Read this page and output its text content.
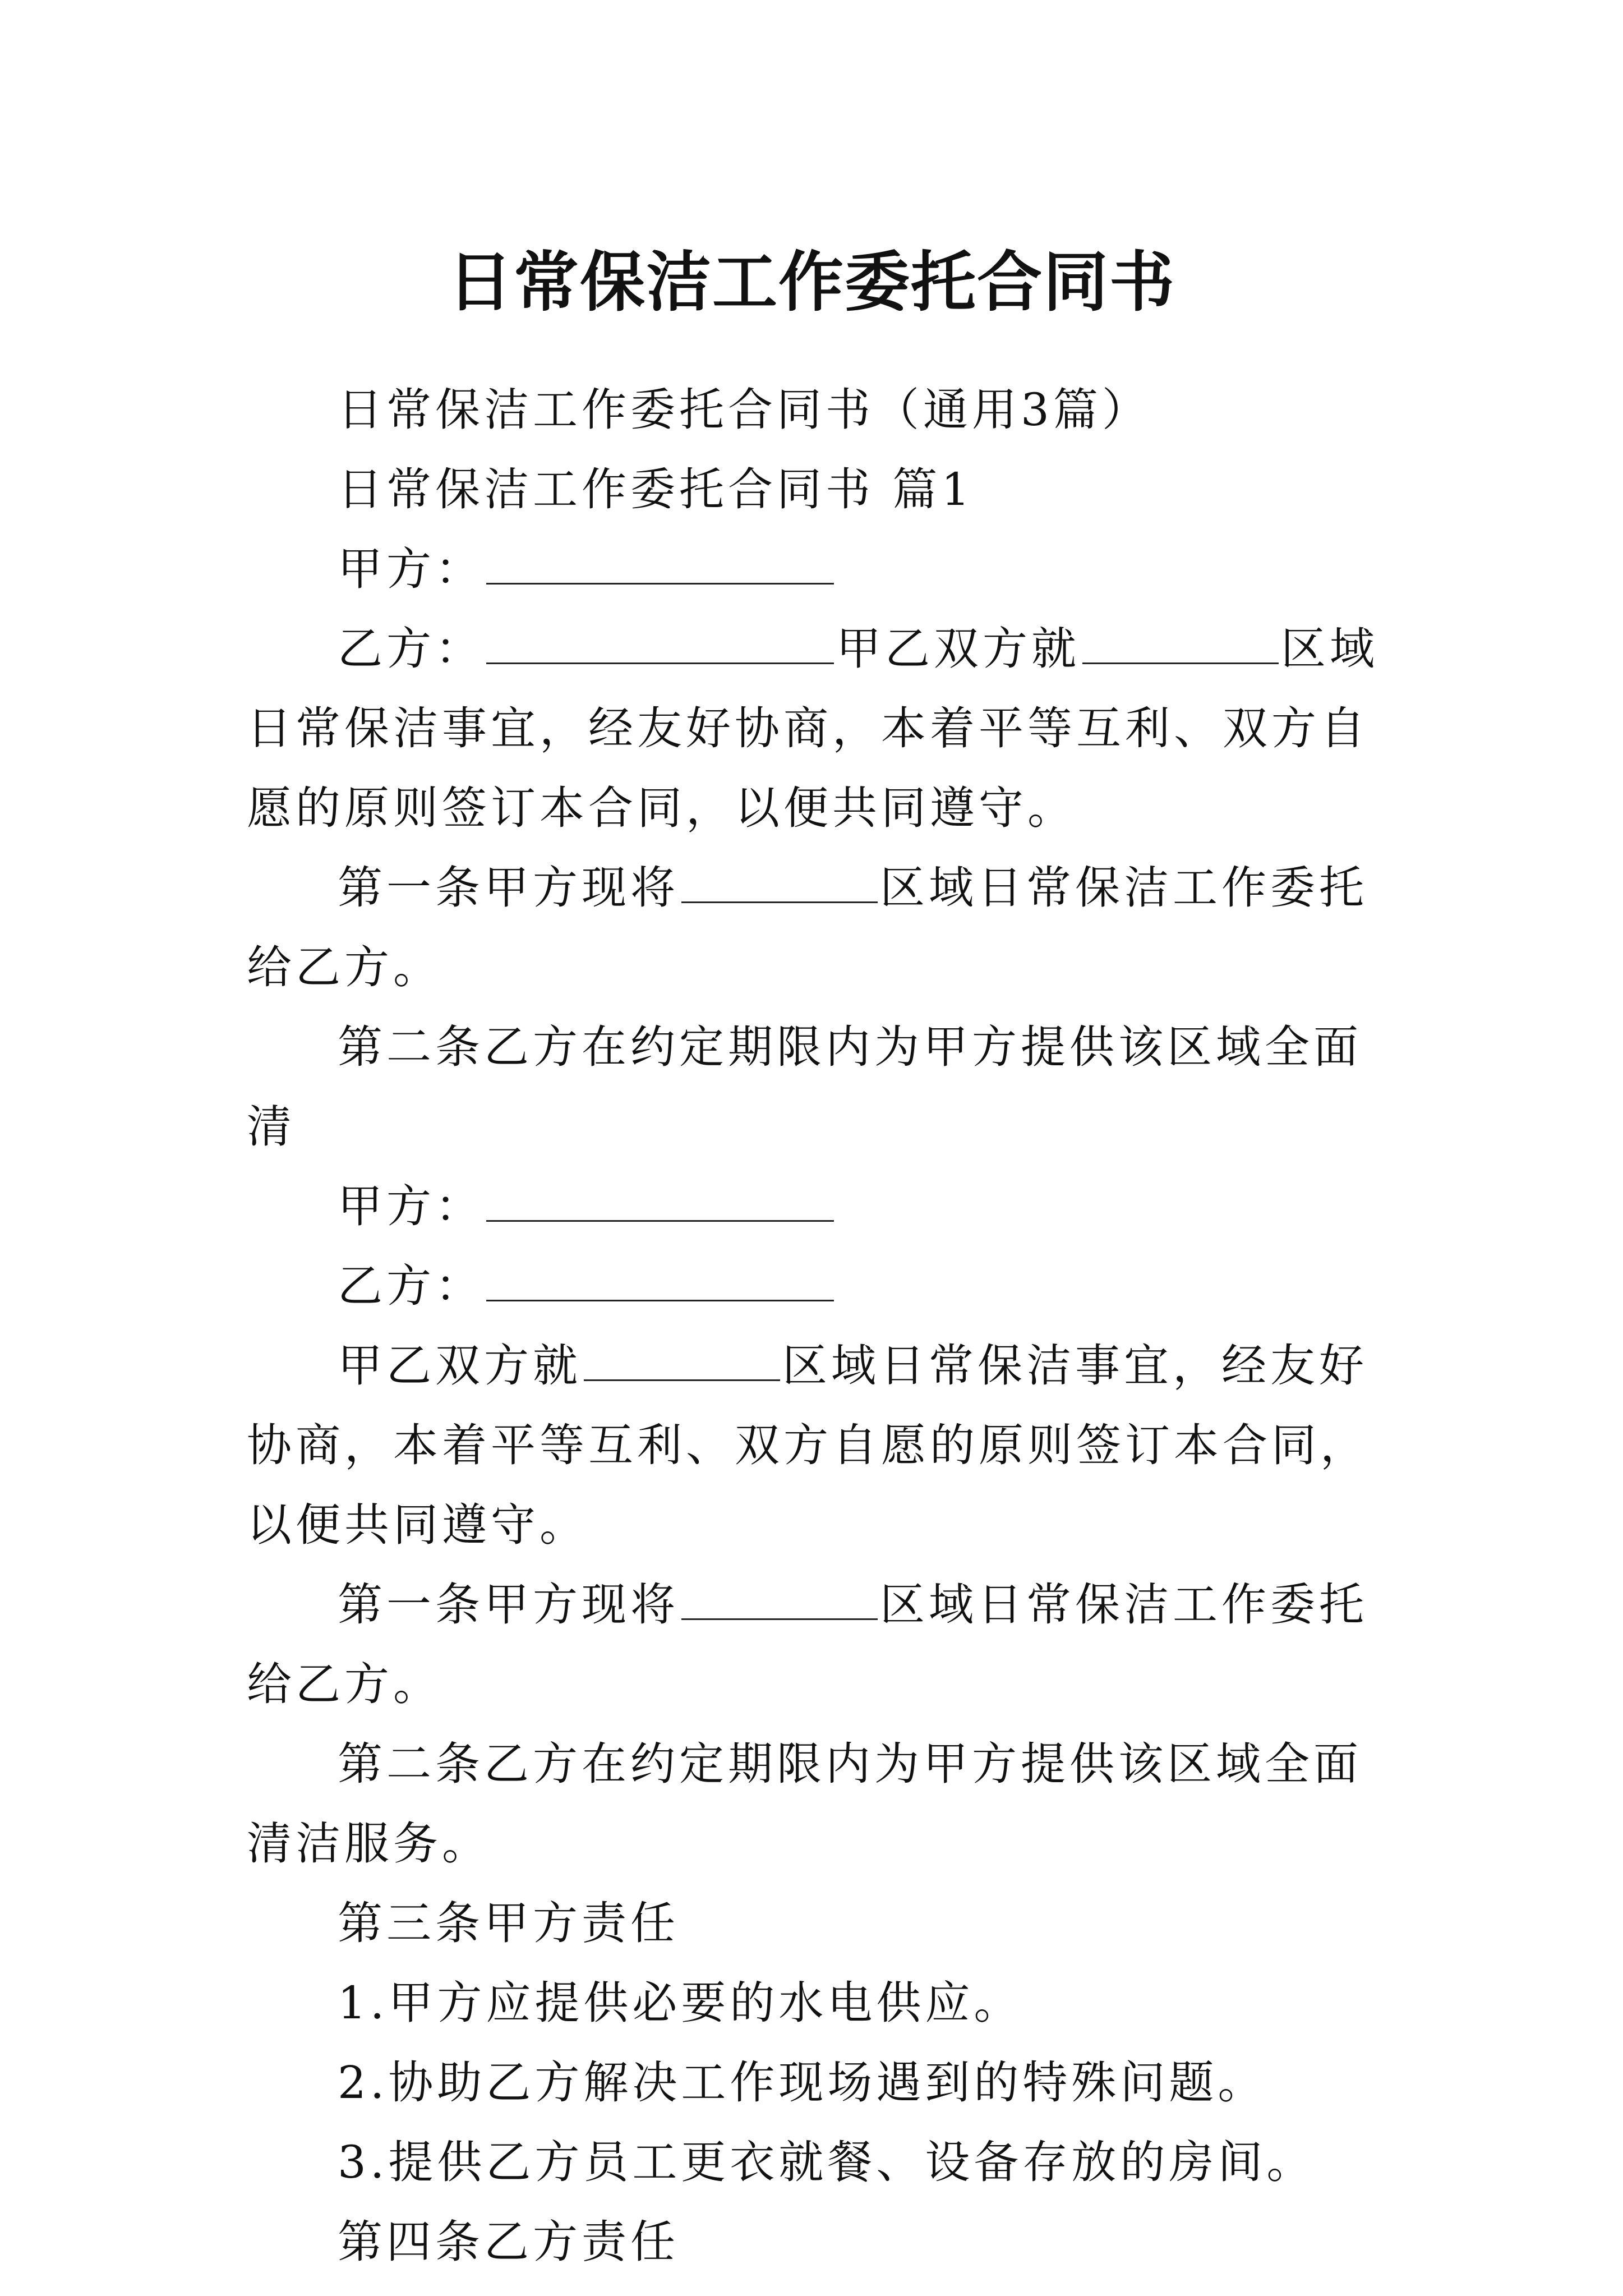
日常保洁工作委托合同书

日常保洁工作委托合同书（通用3篇）

日常保洁工作委托合同书 篇1

甲方：

乙方：	甲乙双方就	区域日常保洁事宜，经友好协商，本着平等互利、双方自愿的原则签订本合同，以便共同遵守。

第一条甲方现将	区域日常保洁工作委托给乙方。

第二条乙方在约定期限内为甲方提供该区域全面清

甲方：

乙方：

甲乙双方就	区域日常保洁事宜，经友好协商，本着平等互利、双方自愿的原则签订本合同，以便共同遵守。

第一条甲方现将	区域日常保洁工作委托给乙方。

第二条乙方在约定期限内为甲方提供该区域全面清洁服务。

第三条甲方责任

1.甲方应提供必要的水电供应。

2.协助乙方解决工作现场遇到的特殊问题。

3.提供乙方员工更衣就餐、设备存放的房间。

第四条乙方责任
